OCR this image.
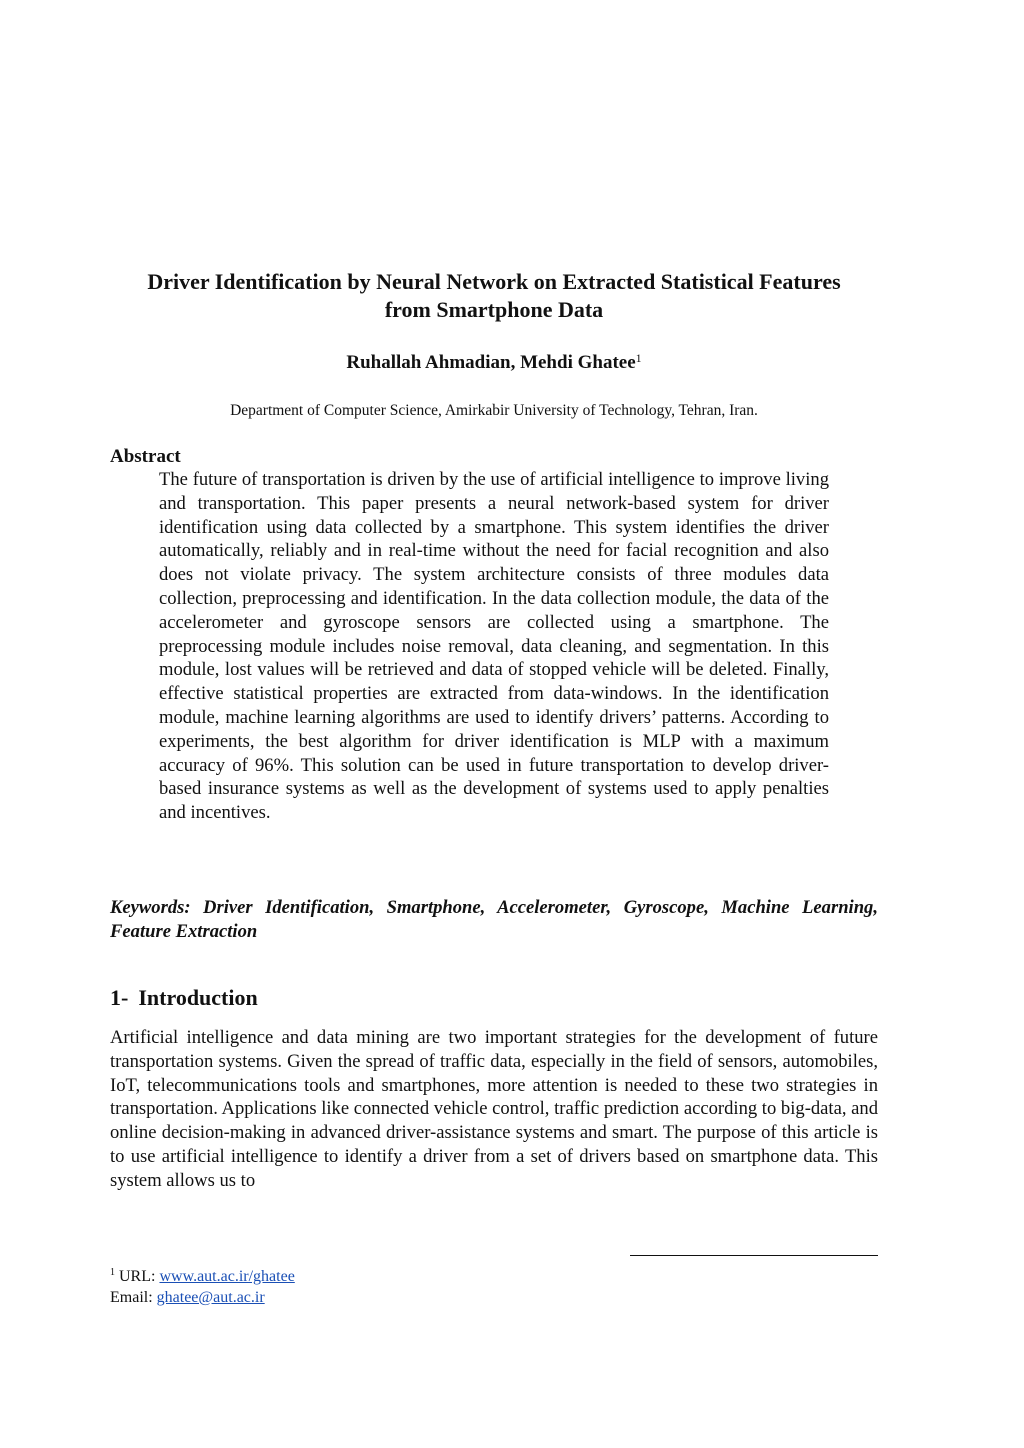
Driver Identification by Neural Network on Extracted Statistical Features
from Smartphone Data
Ruhallah Ahmadian, Mehdi Ghatee$^1$
Department of Computer Science, Amirkabir University of Technology, Tehran, Iran.
Abstract
The future of transportation is driven by the use of artificial intelligence to improve living and transportation. This paper presents a neural network-based system for driver identification using data collected by a smartphone. This system identifies the driver automatically, reliably and in real-time without the need for facial recognition and also does not violate privacy. The system architecture consists of three modules data collection, preprocessing and identification. In the data collection module, the data of the accelerometer and gyroscope sensors are collected using a smartphone. The preprocessing module includes noise removal, data cleaning, and segmentation. In this module, lost values will be retrieved and data of stopped vehicle will be deleted. Finally, effective statistical properties are extracted from data-windows. In the identification module, machine learning algorithms are used to identify drivers’ patterns. According to experiments, the best algorithm for driver identification is MLP with a maximum accuracy of 96%. This solution can be used in future transportation to develop driver-based insurance systems as well as the development of systems used to apply penalties and incentives.
Keywords: Driver Identification, Smartphone, Accelerometer, Gyroscope, Machine Learning, Feature Extraction
1- Introduction
Artificial intelligence and data mining are two important strategies for the development of future transportation systems. Given the spread of traffic data, especially in the field of sensors, automobiles, IoT, telecommunications tools and smartphones, more attention is needed to these two strategies in transportation. Applications like connected vehicle control, traffic prediction according to big-data, and online decision-making in advanced driver-assistance systems and smart. The purpose of this article is to use artificial intelligence to identify a driver from a set of drivers based on smartphone data. This system allows us to
$^1$ URL: www.aut.ac.ir/ghatee
Email: ghatee@aut.ac.ir
